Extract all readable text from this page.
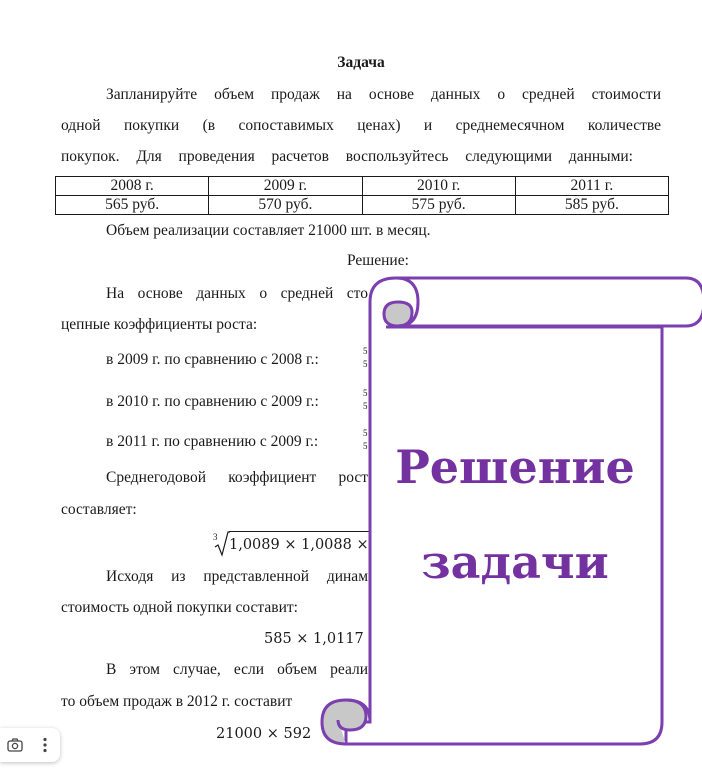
Задача
Запланируйте объем продаж на основе данных о средней стоимости
одной покупки (в сопоставимых ценах) и среднемесячном количестве
покупок. Для проведения расчетов воспользуйтесь следующими данными:
2008 г.	2009 г.	2010 г.	2011 г.
565 руб.	570 руб.	575 руб.	585 руб.
Объем реализации составляет 21000 шт. в месяц.
Решение:
На основе данных о средней сто
цепные коэффициенты роста:
в 2009 г. по сравнению с 2008 г.:	5
5
в 2010 г. по сравнению с 2009 г.:	5
5
в 2011 г. по сравнению с 2009 г.:	5
5
Среднегодовой коэффициент рост
составляет:
3 1,0089 × 1,0088 ×
Исходя из представленной динам
стоимость одной покупки составит:
585 × 1,0117
В этом случае, если объем реали
то объем продаж в 2012 г. составит
21000 × 592
Решение
задачи
